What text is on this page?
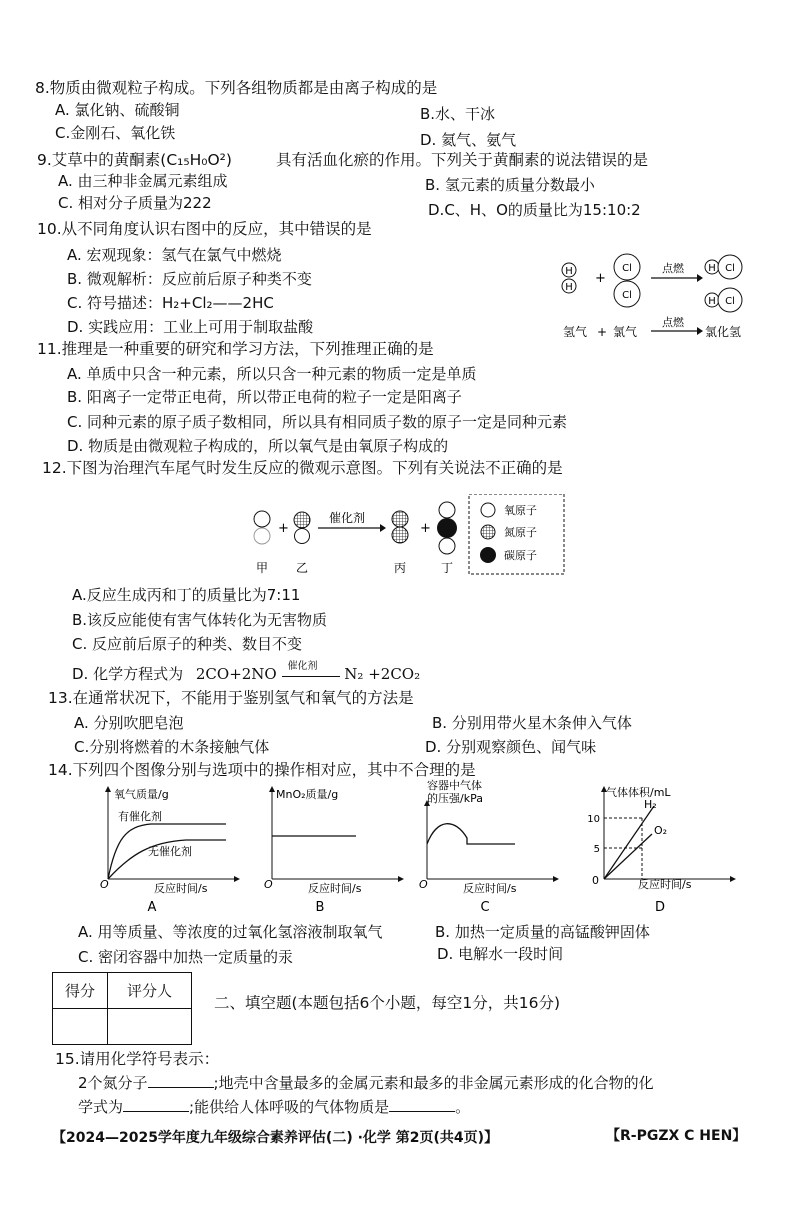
8.物质由微观粒子构成。下列各组物质都是由离子构成的是
A. 氯化钠、硫酸铜	B.水、干冰
C.金刚石、氧化铁	D. 氦气、氨气
9.艾草中的黄酮素(C₁₅H₀O²)	具有活血化瘀的作用。下列关于黄酮素的说法错误的是
A. 由三种非金属元素组成	B. 氢元素的质量分数最小
C. 相对分子质量为222	D.C、H、O的质量比为15:10:2
10.从不同角度认识右图中的反应，其中错误的是
A. 宏观现象：氢气在氯气中燃烧
B. 微观解析：反应前后原子种类不变
C. 符号描述：H₂+Cl₂——2HC
D. 实践应用：工业上可用于制取盐酸
H
H
+
Cl
Cl
点燃 H Cl
H Cl
氢气 + 氯气
点燃
氯化氢
11.推理是一种重要的研究和学习方法，下列推理正确的是
A. 单质中只含一种元素，所以只含一种元素的物质一定是单质
B. 阳离子一定带正电荷，所以带正电荷的粒子一定是阳离子
C. 同种元素的原子质子数相同，所以具有相同质子数的原子一定是同种元素
D. 物质是由微观粒子构成的，所以氧气是由氧原子构成的
12.下图为治理汽车尾气时发生反应的微观示意图。下列有关说法不正确的是
+
催化剂
+
甲 乙	丙	丁
氧原子
氮原子
碳原子
A.反应生成丙和丁的质量比为7:11
B.该反应能使有害气体转化为无害物质
C. 反应前后原子的种类、数目不变
D. 化学方程式为 2CO+2NO 催化剂 N₂ +2CO₂
13.在通常状况下，不能用于鉴别氢气和氧气的方法是
A. 分别吹肥皂泡	B. 分别用带火星木条伸入气体
C.分别将燃着的木条接触气体	D. 分别观察颜色、闻气味
14.下列四个图像分别与选项中的操作相对应，其中不合理的是
氧气质量/g
有催化剂
无催化剂
O	反应时间/s
A
MnO₂质量/g
O	反应时间/s
B
容器中气体
的压强/kPa
O	反应时间/s
C
气体体积/mL
10
5
H₂
O₂
0	反应时间/s
D
A. 用等质量、等浓度的过氧化氢溶液制取氧气	B. 加热一定质量的高锰酸钾固体
C. 密闭容器中加热一定质量的汞	D. 电解水一段时间
得分	评分人

二、填空题(本题包括6个小题，每空1分，共16分)
15.请用化学符号表示：
2个氮分子	;地壳中含量最多的金属元素和最多的非金属元素形成的化合物的化
学式为	;能供给人体呼吸的气体物质是	。
【2024—2025学年度九年级综合素养评估(二) ·化学 第2页(共4页)】	【R-PGZX C HEN】
